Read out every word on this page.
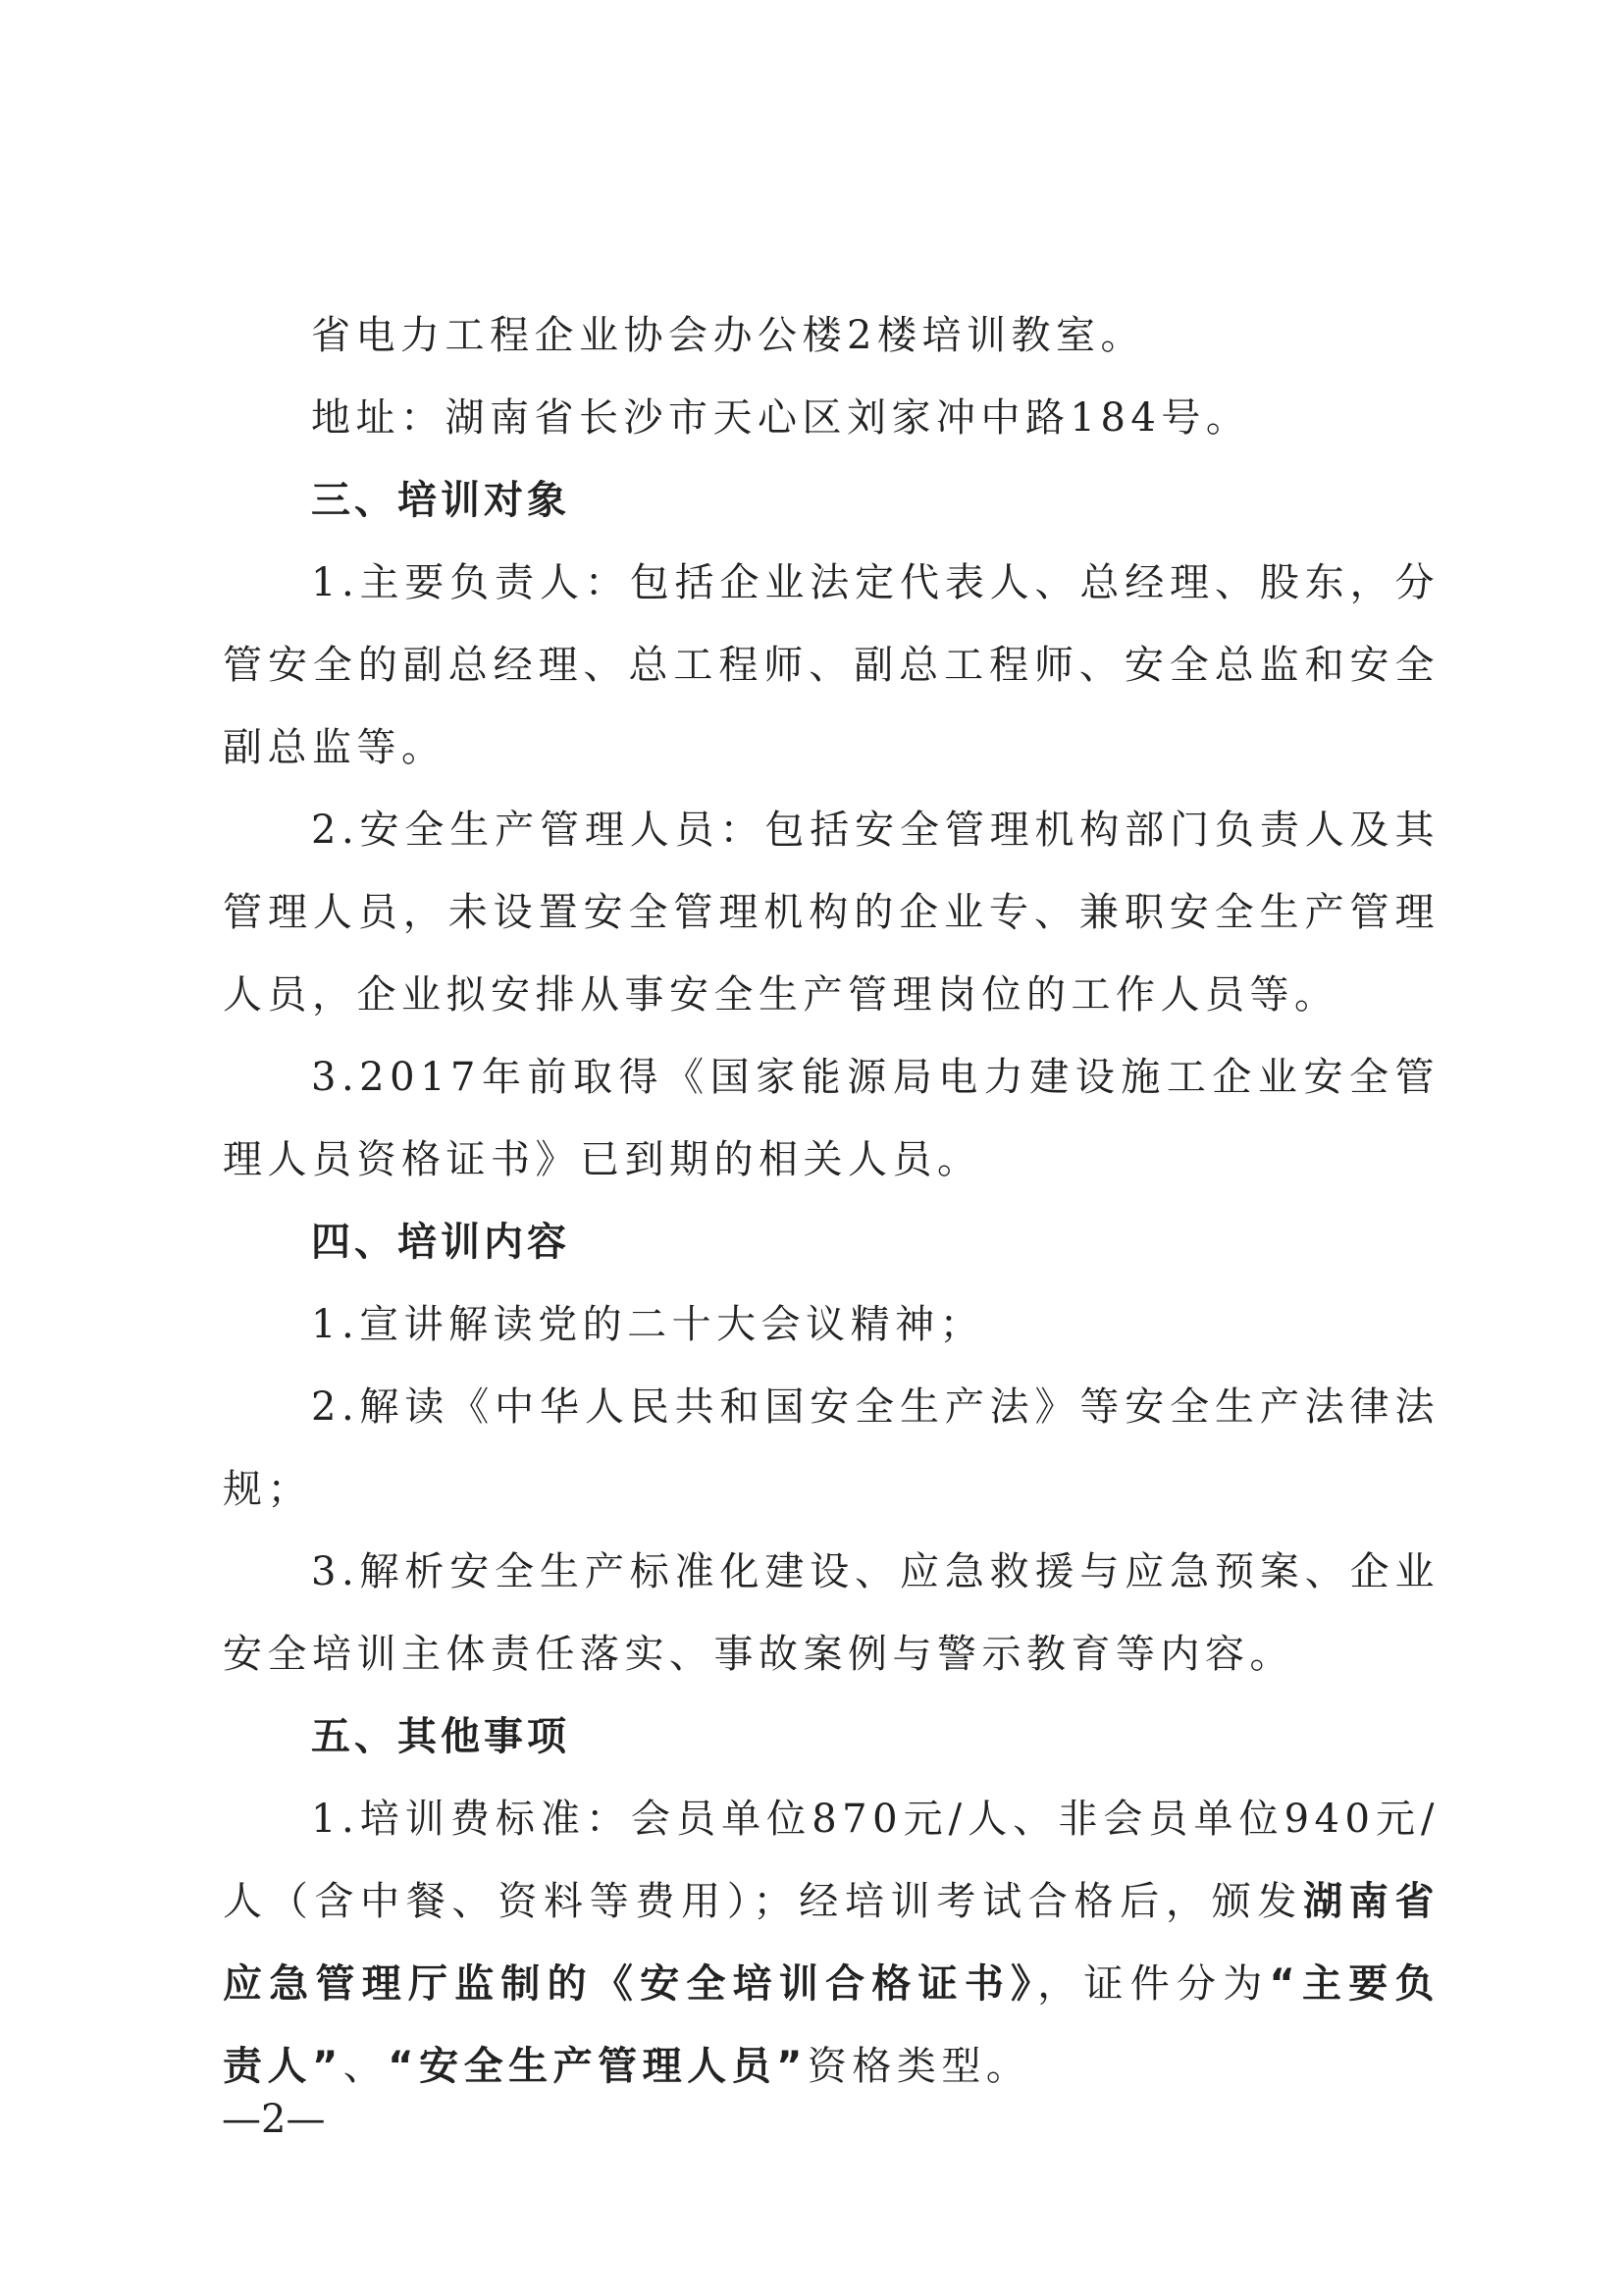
省电力工程企业协会办公楼2楼培训教室。

地址：湖南省长沙市天心区刘家冲中路184号。

三、培训对象

1.主要负责人：包括企业法定代表人、总经理、股东，分管安全的副总经理、总工程师、副总工程师、安全总监和安全副总监等。

2.安全生产管理人员：包括安全管理机构部门负责人及其管理人员，未设置安全管理机构的企业专、兼职安全生产管理人员，企业拟安排从事安全生产管理岗位的工作人员等。

3.2017年前取得《国家能源局电力建设施工企业安全管理人员资格证书》已到期的相关人员。

四、培训内容

1.宣讲解读党的二十大会议精神；

2.解读《中华人民共和国安全生产法》等安全生产法律法规；

3.解析安全生产标准化建设、应急救援与应急预案、企业安全培训主体责任落实、事故案例与警示教育等内容。

五、其他事项

1.培训费标准：会员单位870元/人、非会员单位940元/人（含中餐、资料等费用）；经培训考试合格后，颁发湖南省应急管理厅监制的《安全培训合格证书》，证件分为“主要负责人”、“安全生产管理人员”资格类型。

—2—
